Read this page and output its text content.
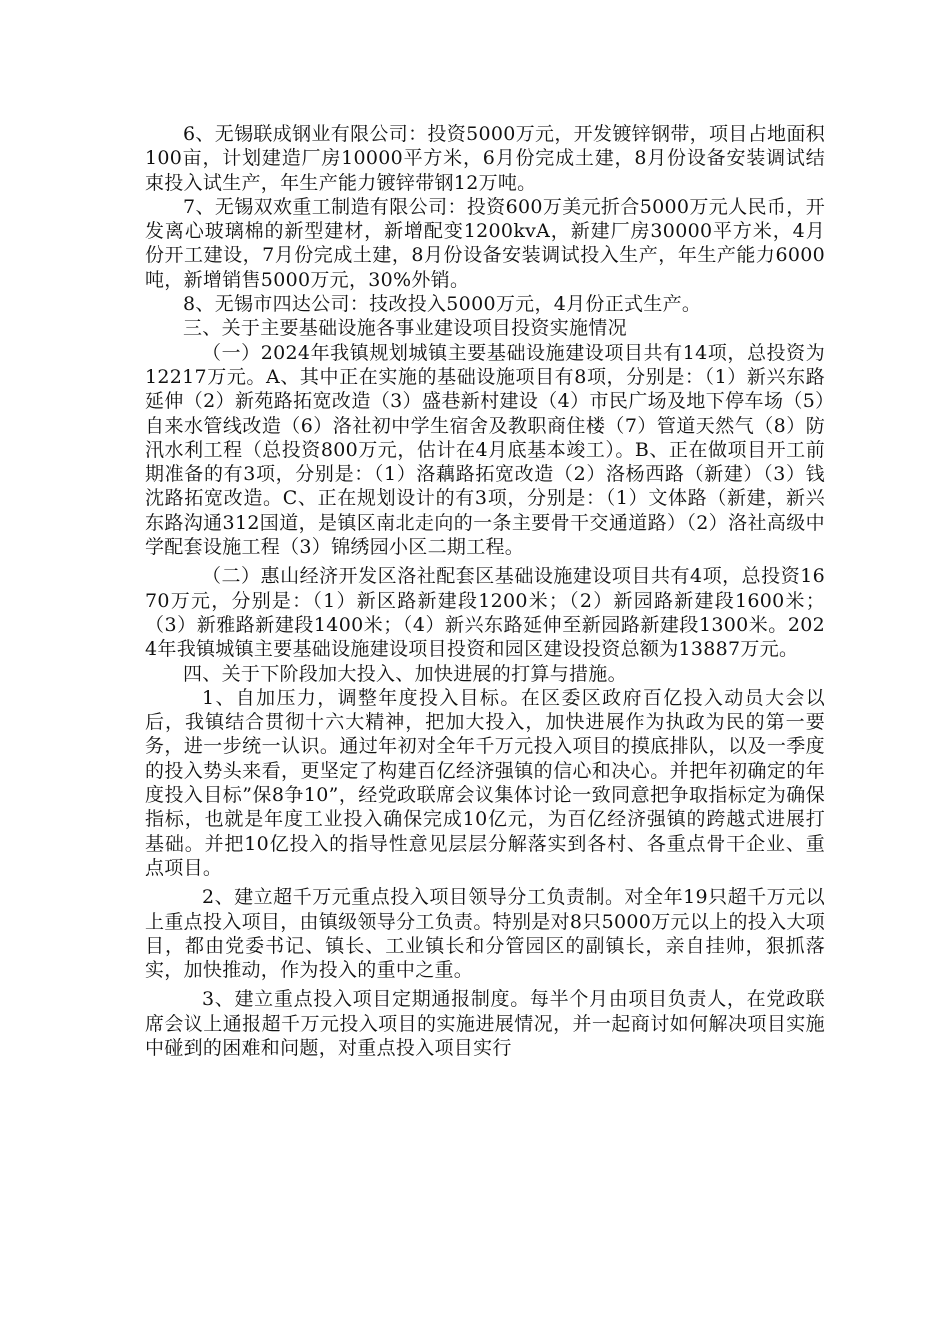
6、无锡联成钢业有限公司：投资5000万元，开发镀锌钢带，项目占地面积100亩，计划建造厂房10000平方米，6月份完成土建，8月份设备安装调试结束投入试生产，年生产能力镀锌带钢12万吨。

7、无锡双欢重工制造有限公司：投资600万美元折合5000万元人民币，开发离心玻璃棉的新型建材，新增配变1200kvA，新建厂房30000平方米，4月份开工建设，7月份完成土建，8月份设备安装调试投入生产，年生产能力6000吨，新增销售5000万元，30%外销。

8、无锡市四达公司：技改投入5000万元，4月份正式生产。

三、关于主要基础设施各事业建设项目投资实施情况

（一）2024年我镇规划城镇主要基础设施建设项目共有14项，总投资为12217万元。A、其中正在实施的基础设施项目有8项，分别是：（1）新兴东路延伸（2）新苑路拓宽改造（3）盛巷新村建设（4）市民广场及地下停车场（5）自来水管线改造（6）洛社初中学生宿舍及教职商住楼（7）管道天然气（8）防汛水利工程（总投资800万元，估计在4月底基本竣工）。B、正在做项目开工前期准备的有3项，分别是：（1）洛藕路拓宽改造（2）洛杨西路（新建）（3）钱沈路拓宽改造。C、正在规划设计的有3项，分别是：（1）文体路（新建，新兴东路沟通312国道，是镇区南北走向的一条主要骨干交通道路）（2）洛社高级中学配套设施工程（3）锦绣园小区二期工程。

（二）惠山经济开发区洛社配套区基础设施建设项目共有4项，总投资1670万元，分别是：（1）新区路新建段1200米；（2）新园路新建段1600米；（3）新雅路新建段1400米；（4）新兴东路延伸至新园路新建段1300米。2024年我镇城镇主要基础设施建设项目投资和园区建设投资总额为13887万元。

四、关于下阶段加大投入、加快进展的打算与措施。

1、自加压力，调整年度投入目标。在区委区政府百亿投入动员大会以后，我镇结合贯彻十六大精神，把加大投入，加快进展作为执政为民的第一要务，进一步统一认识。通过年初对全年千万元投入项目的摸底排队，以及一季度的投入势头来看，更坚定了构建百亿经济强镇的信心和决心。并把年初确定的年度投入目标”保8争10”，经党政联席会议集体讨论一致同意把争取指标定为确保指标，也就是年度工业投入确保完成10亿元，为百亿经济强镇的跨越式进展打基础。并把10亿投入的指导性意见层层分解落实到各村、各重点骨干企业、重点项目。

2、建立超千万元重点投入项目领导分工负责制。对全年19只超千万元以上重点投入项目，由镇级领导分工负责。特别是对8只5000万元以上的投入大项目，都由党委书记、镇长、工业镇长和分管园区的副镇长，亲自挂帅，狠抓落实，加快推动，作为投入的重中之重。

3、建立重点投入项目定期通报制度。每半个月由项目负责人，在党政联席会议上通报超千万元投入项目的实施进展情况，并一起商讨如何解决项目实施中碰到的困难和问题，对重点投入项目实行
